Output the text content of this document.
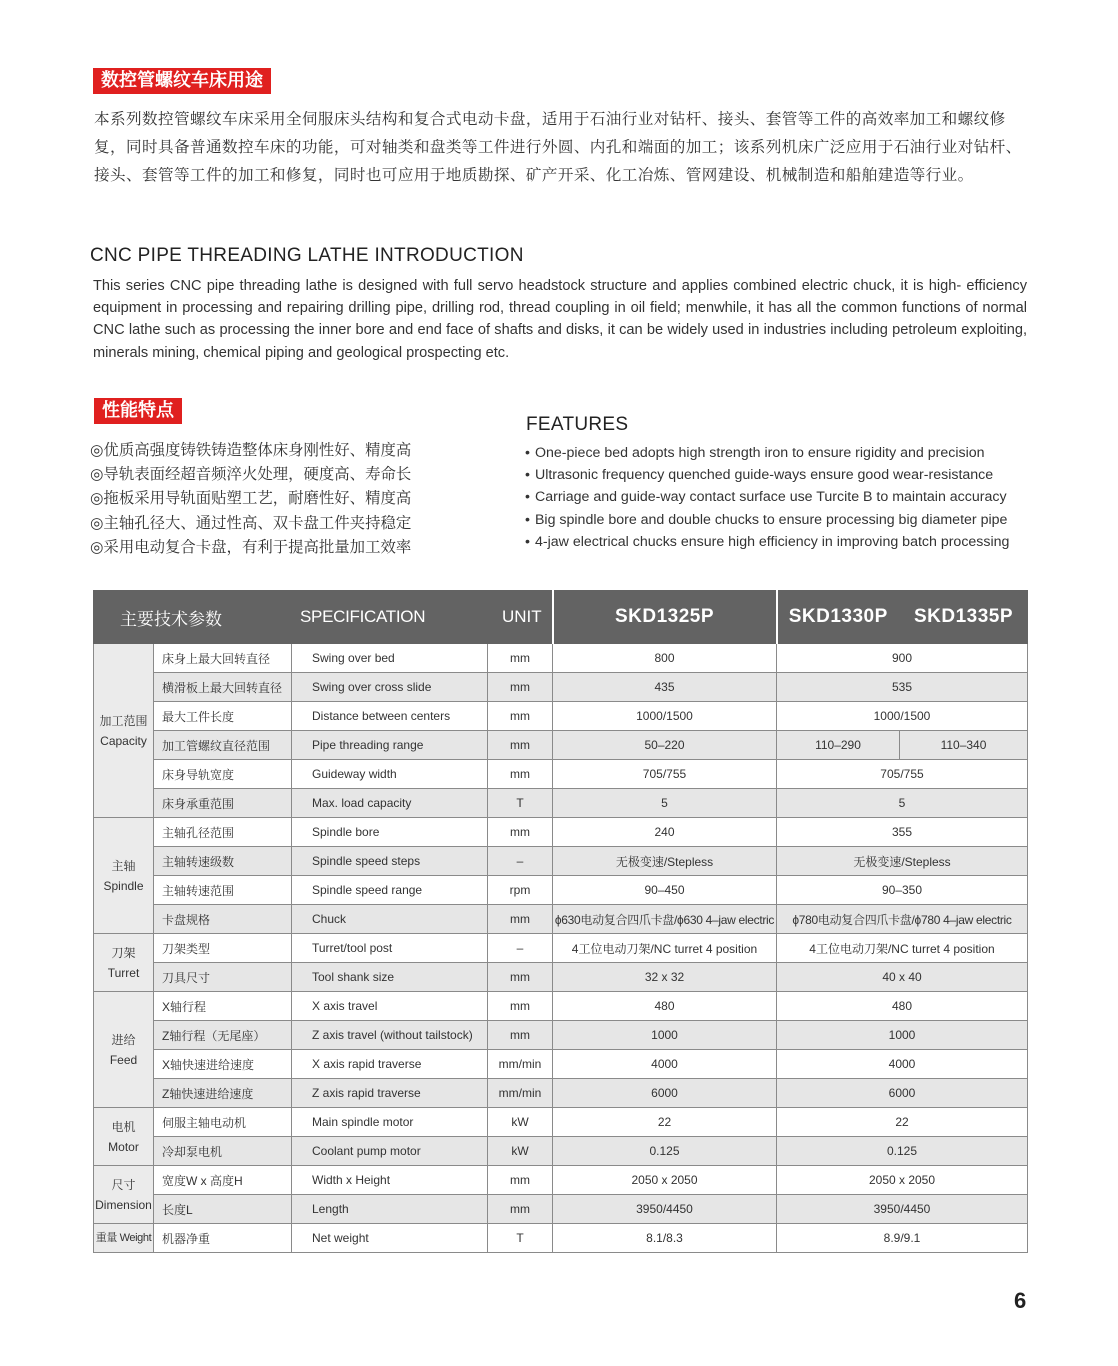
数控管螺纹车床用途

本系列数控管螺纹车床采用全伺服床头结构和复合式电动卡盘，适用于石油行业对钻杆、接头、套管等工件的高效率加工和螺纹修复，同时具备普通数控车床的功能，可对轴类和盘类等工件进行外圆、内孔和端面的加工；该系列机床广泛应用于石油行业对钻杆、接头、套管等工件的加工和修复，同时也可应用于地质勘探、矿产开采、化工冶炼、管网建设、机械制造和船舶建造等行业。

CNC PIPE THREADING LATHE INTRODUCTION

This series CNC pipe threading lathe is designed with full servo headstock structure and applies combined electric chuck, it is high- efficiency equipment in processing and repairing drilling pipe, drilling rod, thread coupling in oil field; menwhile, it has all the common functions of normal CNC lathe such as processing the inner bore and end face of shafts and disks, it can be widely used in industries including petroleum exploiting, minerals mining, chemical piping and geological prospecting etc.

性能特点
FEATURES
◎优质高强度铸铁铸造整体床身刚性好、精度高
◎导轨表面经超音频淬火处理，硬度高、寿命长
◎拖板采用导轨面贴塑工艺，耐磨性好、精度高
◎主轴孔径大、通过性高、双卡盘工件夹持稳定
◎采用电动复合卡盘，有利于提高批量加工效率
• One-piece bed adopts high strength iron to ensure rigidity and precision
• Ultrasonic frequency quenched guide-ways ensure good wear-resistance
• Carriage and guide-way contact surface use Turcite B to maintain accuracy
• Big spindle bore and double chucks to ensure processing big diameter pipe
• 4-jaw electrical chucks ensure high efficiency in improving batch processing
主要技术参数		SPECIFICATION	UNIT	SKD1325P	SKD1330P	SKD1335P
加工范围
Capacity	床身上最大回转直径	Swing over bed	mm	800	900	
	横滑板上最大回转直径	Swing over cross slide	mm	435	535	
	最大工件长度	Distance between centers	mm	1000/1500	1000/1500	
	加工管螺纹直径范围	Pipe threading range	mm	50–220	110–290	110–340
	床身导轨宽度	Guideway width	mm	705/755	705/755	
	床身承重范围	Max. load capacity	T	5	5	
主轴
Spindle	主轴孔径范围	Spindle bore	mm	240	355	
	主轴转速级数	Spindle speed steps	–	无极变速/Stepless	无极变速/Stepless	
	主轴转速范围	Spindle speed range	rpm	90–450	90–350	
	卡盘规格	Chuck	mm	ϕ630电动复合四爪卡盘/ϕ630 4–jaw electric	ϕ780电动复合四爪卡盘/ϕ780 4–jaw electric	
刀架
Turret	刀架类型	Turret/tool post	–	4工位电动刀架/NC turret 4 position	4工位电动刀架/NC turret 4 position	
	刀具尺寸	Tool shank size	mm	32 x 32	40 x 40	
进给
Feed	X轴行程	X axis travel	mm	480	480	
	Z轴行程（无尾座）	Z axis travel (without tailstock)	mm	1000	1000	
	X轴快速进给速度	X axis rapid traverse	mm/min	4000	4000	
	Z轴快速进给速度	Z axis rapid traverse	mm/min	6000	6000	
电机
Motor	伺服主轴电动机	Main spindle motor	kW	22	22	
	冷却泵电机	Coolant pump motor	kW	0.125	0.125	
尺寸
Dimension	宽度W x 高度H	Width x Height	mm	2050 x 2050	2050 x 2050	
	长度L	Length	mm	3950/4450	3950/4450	
重量 Weight	机器净重	Net weight	T	8.1/8.3	8.9/9.1	
6
